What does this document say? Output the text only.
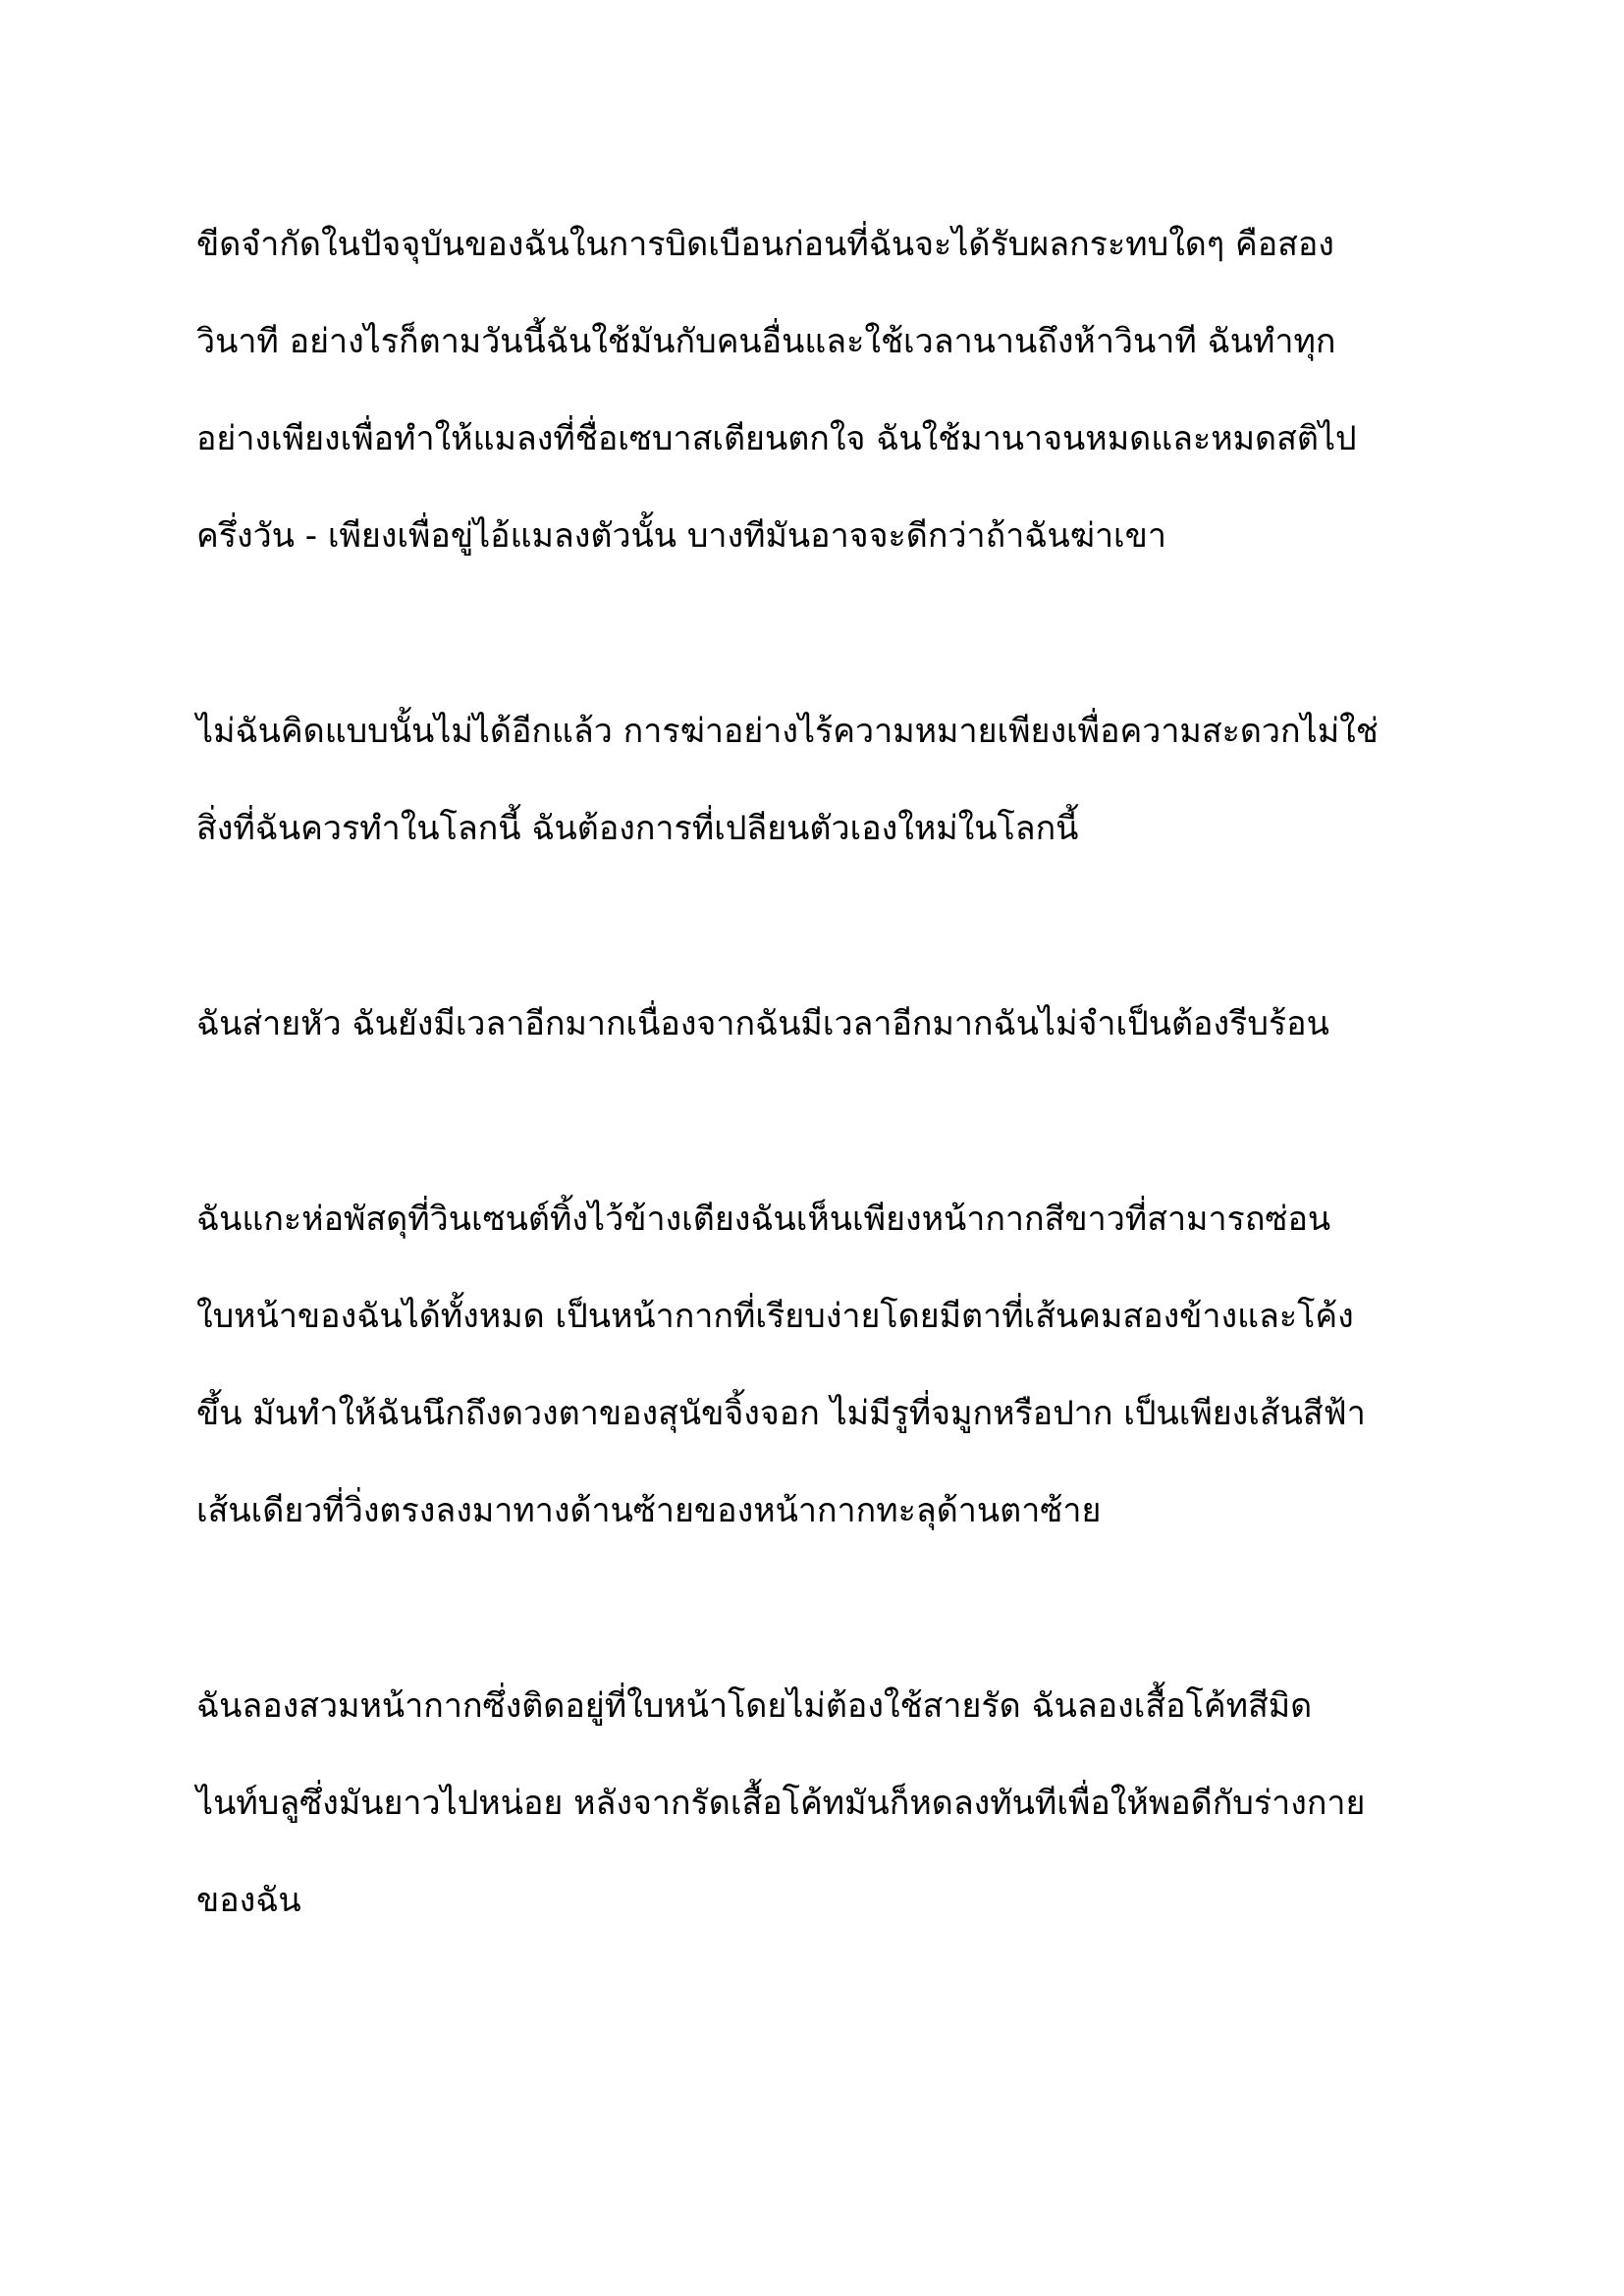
ขีดจำกัดในปัจจุบันของฉันในการบิดเบือนก่อนที่ฉันจะได้รับผลกระทบใดๆ คือสอง
วินาที อย่างไรก็ตามวันนี้ฉันใช้มันกับคนอื่นและใช้เวลานานถึงห้าวินาที ฉันทำทุก
อย่างเพียงเพื่อทำให้แมลงที่ชื่อเซบาสเตียนตกใจ ฉันใช้มานาจนหมดและหมดสติไป
ครึ่งวัน - เพียงเพื่อขู่ไอ้แมลงตัวนั้น บางทีมันอาจจะดีกว่าถ้าฉันฆ่าเขา

ไม่ฉันคิดแบบนั้นไม่ได้อีกแล้ว การฆ่าอย่างไร้ความหมายเพียงเพื่อความสะดวกไม่ใช่
สิ่งที่ฉันควรทำในโลกนี้ ฉันต้องการที่เปลียนตัวเองใหม่ในโลกนี้

ฉันส่ายหัว ฉันยังมีเวลาอีกมากเนื่องจากฉันมีเวลาอีกมากฉันไม่จำเป็นต้องรีบร้อน

ฉันแกะห่อพัสดุที่วินเซนต์ทิ้งไว้ข้างเตียงฉันเห็นเพียงหน้ากากสีขาวที่สามารถซ่อน
ใบหน้าของฉันได้ทั้งหมด เป็นหน้ากากที่เรียบง่ายโดยมีตาที่เส้นคมสองข้างและโค้ง
ขึ้น มันทำให้ฉันนึกถึงดวงตาของสุนัขจิ้งจอก ไม่มีรูที่จมูกหรือปาก เป็นเพียงเส้นสีฟ้า
เส้นเดียวที่วิ่งตรงลงมาทางด้านซ้ายของหน้ากากทะลุด้านตาซ้าย

ฉันลองสวมหน้ากากซึ่งติดอยู่ที่ใบหน้าโดยไม่ต้องใช้สายรัด ฉันลองเสื้อโค้ทสีมิด
ไนท์บลูซึ่งมันยาวไปหน่อย หลังจากรัดเสื้อโค้ทมันก็หดลงทันทีเพื่อให้พอดีกับร่างกาย
ของฉัน
